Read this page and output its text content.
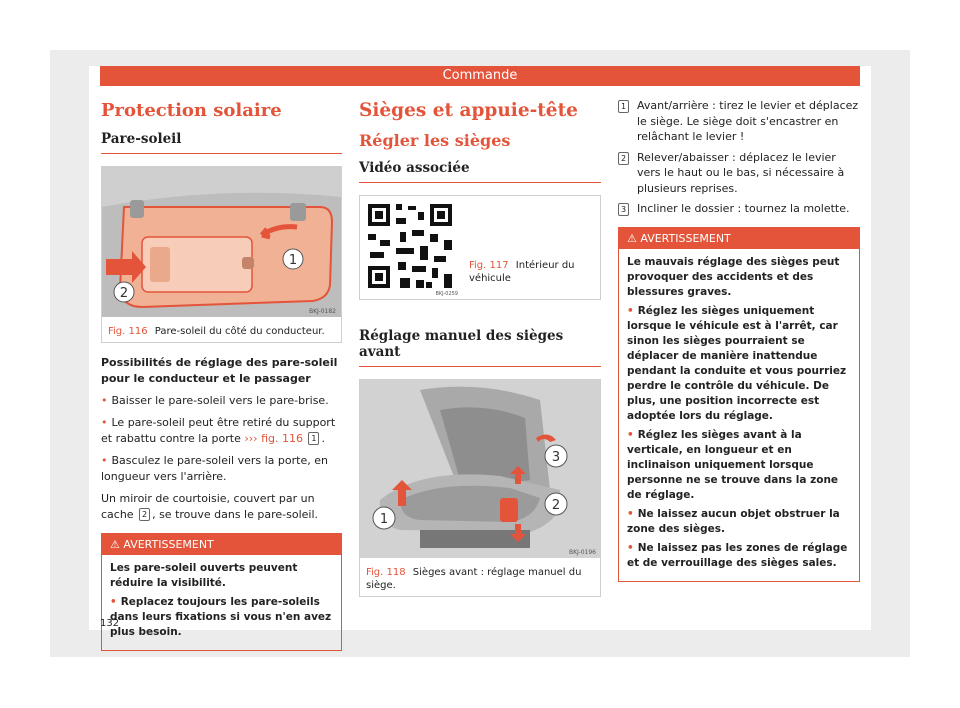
Commande
Protection solaire
Pare-soleil
1
2
BKJ-0182
Fig. 116 Pare-soleil du côté du conducteur.

Possibilités de réglage des pare-soleil pour le conducteur et le passager

• Baisser le pare-soleil vers le pare-brise.

• Le pare-soleil peut être retiré du support et rabattu contre la porte ››› fig. 116 1 .

• Basculez le pare-soleil vers la porte, en longueur vers l'arrière.

Un miroir de courtoisie, couvert par un cache 2 , se trouve dans le pare-soleil.

⚠ AVERTISSEMENT

Les pare-soleil ouverts peuvent réduire la visibilité.

• Replacez toujours les pare-soleils dans leurs fixations si vous n'en avez plus besoin.

Sièges et appuie-tête
Régler les sièges
Vidéo associée
BKJ-0259
Fig. 117 Intérieur du véhicule
Réglage manuel des sièges avant
3
2
1
BKJ-0196
Fig. 118 Sièges avant : réglage manuel du siège.
1 Avant/arrière : tirez le levier et déplacez le siège. Le siège doit s'encastrer en relâchant le levier !
2 Relever/abaisser : déplacez le levier vers le haut ou le bas, si nécessaire à plusieurs reprises.
3 Incliner le dossier : tournez la molette.
⚠ AVERTISSEMENT

Le mauvais réglage des sièges peut provoquer des accidents et des blessures graves.

• Réglez les sièges uniquement lorsque le véhicule est à l'arrêt, car sinon les sièges pourraient se déplacer de manière inattendue pendant la conduite et vous pourriez perdre le contrôle du véhicule. De plus, une position incorrecte est adoptée lors du réglage.

• Réglez les sièges avant à la verticale, en longueur et en inclinaison uniquement lorsque personne ne se trouve dans la zone de réglage.

• Ne laissez aucun objet obstruer la zone des sièges.

• Ne laissez pas les zones de réglage et de verrouillage des sièges sales.

132
